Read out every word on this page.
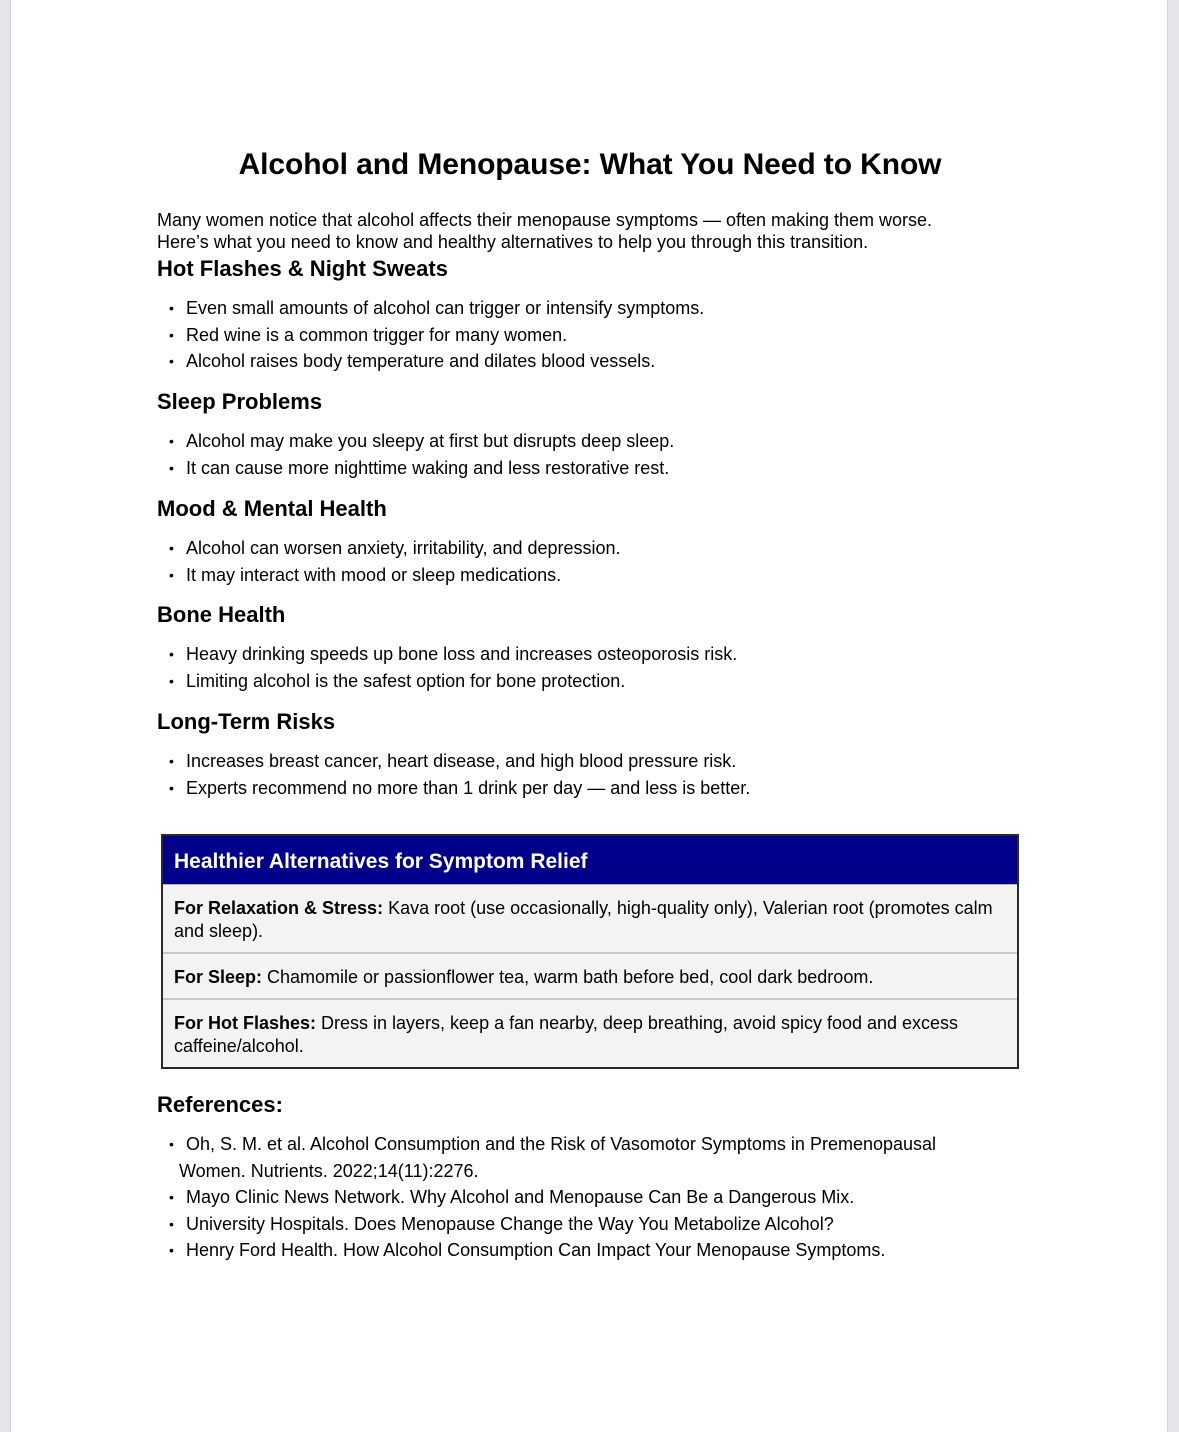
Alcohol and Menopause: What You Need to Know

Many women notice that alcohol affects their menopause symptoms — often making them worse.
Here’s what you need to know and healthy alternatives to help you through this transition.

Hot Flashes & Night Sweats
• Even small amounts of alcohol can trigger or intensify symptoms.
• Red wine is a common trigger for many women.
• Alcohol raises body temperature and dilates blood vessels.
Sleep Problems
• Alcohol may make you sleepy at first but disrupts deep sleep.
• It can cause more nighttime waking and less restorative rest.
Mood & Mental Health
• Alcohol can worsen anxiety, irritability, and depression.
• It may interact with mood or sleep medications.
Bone Health
• Heavy drinking speeds up bone loss and increases osteoporosis risk.
• Limiting alcohol is the safest option for bone protection.
Long-Term Risks
• Increases breast cancer, heart disease, and high blood pressure risk.
• Experts recommend no more than 1 drink per day — and less is better.
References:
• Oh, S. M. et al. Alcohol Consumption and the Risk of Vasomotor Symptoms in Premenopausal
Women. Nutrients. 2022;14(11):2276.
• Mayo Clinic News Network. Why Alcohol and Menopause Can Be a Dangerous Mix.
• University Hospitals. Does Menopause Change the Way You Metabolize Alcohol?
• Henry Ford Health. How Alcohol Consumption Can Impact Your Menopause Symptoms.
Healthier Alternatives for Symptom Relief
For Relaxation & Stress: Kava root (use occasionally, high-quality only), Valerian root (promotes calm and sleep).
For Sleep: Chamomile or passionflower tea, warm bath before bed, cool dark bedroom.
For Hot Flashes: Dress in layers, keep a fan nearby, deep breathing, avoid spicy food and excess caffeine/alcohol.
